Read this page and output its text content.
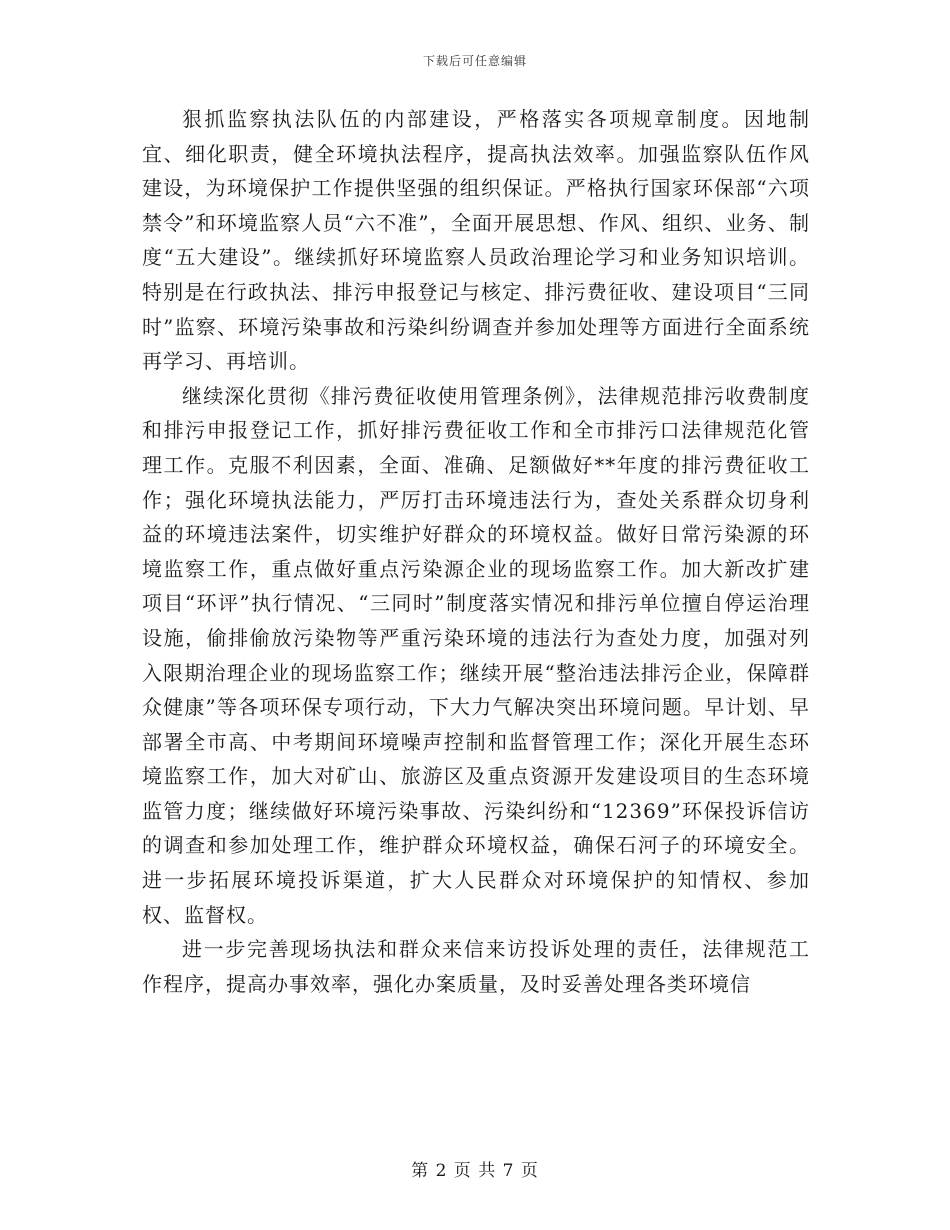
下载后可任意编辑

狠抓监察执法队伍的内部建设，严格落实各项规章制度。因地制宜、细化职责，健全环境执法程序，提高执法效率。加强监察队伍作风建设，为环境保护工作提供坚强的组织保证。严格执行国家环保部“六项禁令”和环境监察人员“六不准”，全面开展思想、作风、组织、业务、制度“五大建设”。继续抓好环境监察人员政治理论学习和业务知识培训。特别是在行政执法、排污申报登记与核定、排污费征收、建设项目“三同时”监察、环境污染事故和污染纠纷调查并参加处理等方面进行全面系统再学习、再培训。

继续深化贯彻《排污费征收使用管理条例》，法律规范排污收费制度和排污申报登记工作，抓好排污费征收工作和全市排污口法律规范化管理工作。克服不利因素，全面、准确、足额做好**年度的排污费征收工作；强化环境执法能力，严厉打击环境违法行为，查处关系群众切身利益的环境违法案件，切实维护好群众的环境权益。做好日常污染源的环境监察工作，重点做好重点污染源企业的现场监察工作。加大新改扩建项目“环评”执行情况、“三同时”制度落实情况和排污单位擅自停运治理设施，偷排偷放污染物等严重污染环境的违法行为查处力度，加强对列入限期治理企业的现场监察工作；继续开展“整治违法排污企业，保障群众健康”等各项环保专项行动，下大力气解决突出环境问题。早计划、早部署全市高、中考期间环境噪声控制和监督管理工作；深化开展生态环境监察工作，加大对矿山、旅游区及重点资源开发建设项目的生态环境监管力度；继续做好环境污染事故、污染纠纷和“12369”环保投诉信访的调查和参加处理工作，维护群众环境权益，确保石河子的环境安全。进一步拓展环境投诉渠道，扩大人民群众对环境保护的知情权、参加权、监督权。

进一步完善现场执法和群众来信来访投诉处理的责任，法律规范工作程序，提高办事效率，强化办案质量，及时妥善处理各类环境信

第 2 页 共 7 页
